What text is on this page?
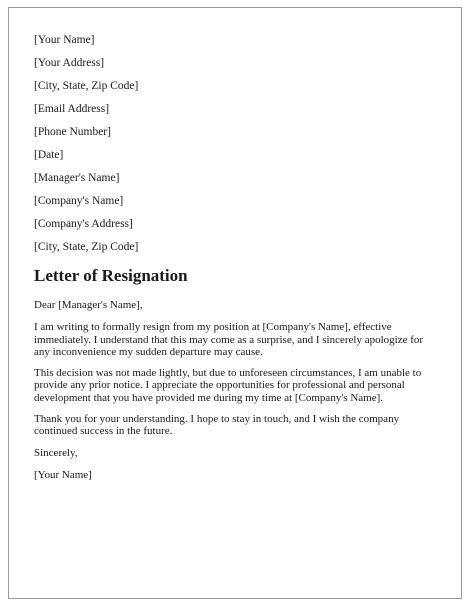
[Your Name]
[Your Address]
[City, State, Zip Code]
[Email Address]
[Phone Number]
[Date]
[Manager's Name]
[Company's Name]
[Company's Address]
[City, State, Zip Code]
Letter of Resignation

Dear [Manager's Name],

I am writing to formally resign from my position at [Company's Name], effective immediately. I understand that this may come as a surprise, and I sincerely apologize for any inconvenience my sudden departure may cause.

This decision was not made lightly, but due to unforeseen circumstances, I am unable to provide any prior notice. I appreciate the opportunities for professional and personal development that you have provided me during my time at [Company's Name].

Thank you for your understanding. I hope to stay in touch, and I wish the company continued success in the future.

Sincerely,

[Your Name]
